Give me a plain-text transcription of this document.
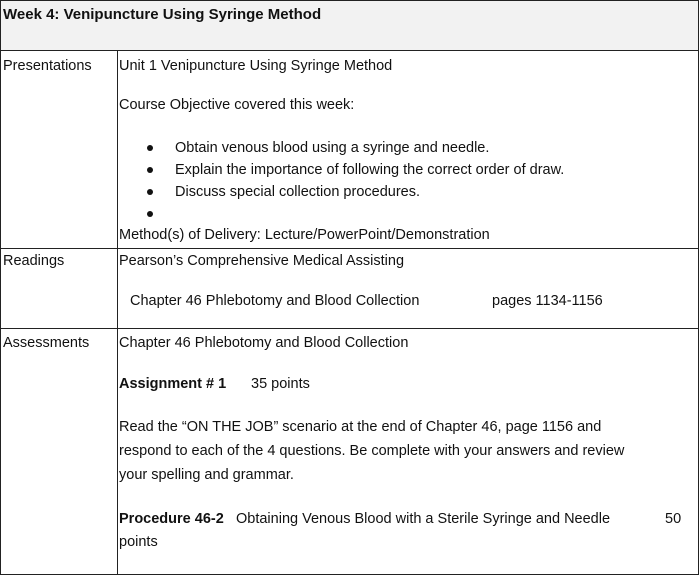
Week 4: Venipuncture Using Syringe Method
Presentations
Readings
Assessments
Unit 1 Venipuncture Using Syringe Method
Course Objective covered this week:
Obtain venous blood using a syringe and needle.
Explain the importance of following the correct order of draw.
Discuss special collection procedures.
Method(s) of Delivery: Lecture/PowerPoint/Demonstration
Pearson’s Comprehensive Medical Assisting
Chapter 46 Phlebotomy and Blood Collection	pages 1134-1156
Chapter 46 Phlebotomy and Blood Collection
Assignment # 1 35 points
Read the “ON THE JOB” scenario at the end of Chapter 46, page 1156 and
respond to each of the 4 questions. Be complete with your answers and review
your spelling and grammar.
Procedure 46-2 Obtaining Venous Blood with a Sterile Syringe and Needle	50
points
